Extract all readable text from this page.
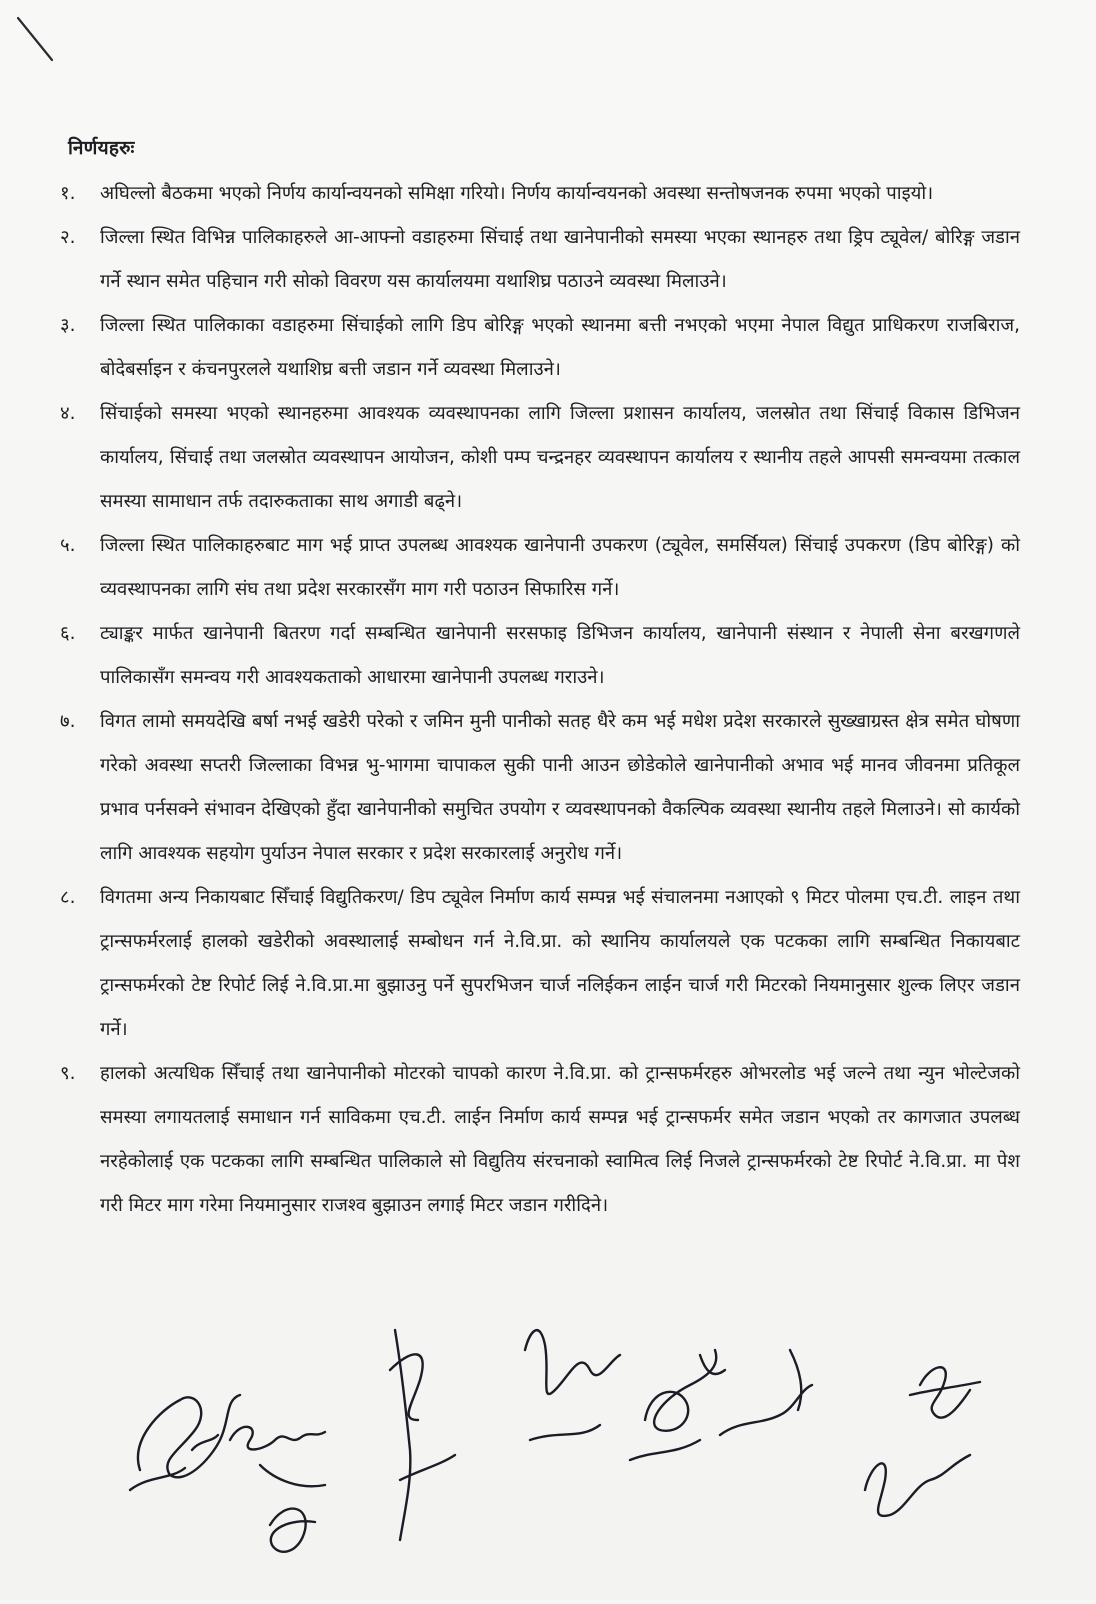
निर्णयहरुः
१.	अघिल्लो बैठकमा भएको निर्णय कार्यान्वयनको समिक्षा गरियो। निर्णय कार्यान्वयनको अवस्था सन्तोषजनक रुपमा भएको पाइयो।
२.	जिल्ला स्थित विभिन्न पालिकाहरुले आ-आफ्नो वडाहरुमा सिंचाई तथा खानेपानीको समस्या भएका स्थानहरु तथा ड्रिप ट्यूवेल/ बोरिङ्ग जडान गर्ने स्थान समेत पहिचान गरी सोको विवरण यस कार्यालयमा यथाशिघ्र पठाउने व्यवस्था मिलाउने।
३.	जिल्ला स्थित पालिकाका वडाहरुमा सिंचाईको लागि डिप बोरिङ्ग भएको स्थानमा बत्ती नभएको भएमा नेपाल विद्युत प्राधिकरण राजबिराज, बोदेबर्साइन र कंचनपुरलले यथाशिघ्र बत्ती जडान गर्ने व्यवस्था मिलाउने।
४.	सिंचाईको समस्या भएको स्थानहरुमा आवश्यक व्यवस्थापनका लागि जिल्ला प्रशासन कार्यालय, जलस्रोत तथा सिंचाई विकास डिभिजन कार्यालय, सिंचाई तथा जलस्रोत व्यवस्थापन आयोजन, कोशी पम्प चन्द्रनहर व्यवस्थापन कार्यालय र स्थानीय तहले आपसी समन्वयमा तत्काल समस्या सामाधान तर्फ तदारुकताका साथ अगाडी बढ्ने।
५.	जिल्ला स्थित पालिकाहरुबाट माग भई प्राप्त उपलब्ध आवश्यक खानेपानी उपकरण (ट्यूवेल, समर्सियल) सिंचाई उपकरण (डिप बोरिङ्ग) को व्यवस्थापनका लागि संघ तथा प्रदेश सरकारसँग माग गरी पठाउन सिफारिस गर्ने।
६.	ट्याङ्कर मार्फत खानेपानी बितरण गर्दा सम्बन्धित खानेपानी सरसफाइ डिभिजन कार्यालय, खानेपानी संस्थान र नेपाली सेना बरखगणले पालिकासँग समन्वय गरी आवश्यकताको आधारमा खानेपानी उपलब्ध गराउने।
७.	विगत लामो समयदेखि बर्षा नभई खडेरी परेको र जमिन मुनी पानीको सतह धैरे कम भई मधेश प्रदेश सरकारले सुख्खाग्रस्त क्षेत्र समेत घोषणा गरेको अवस्था सप्तरी जिल्लाका विभन्न भु-भागमा चापाकल सुकी पानी आउन छोडेकोले खानेपानीको अभाव भई मानव जीवनमा प्रतिकूल प्रभाव पर्नसक्ने संभावन देखिएको हुँदा खानेपानीको समुचित उपयोग र व्यवस्थापनको वैकल्पिक व्यवस्था स्थानीय तहले मिलाउने। सो कार्यको लागि आवश्यक सहयोग पुर्याउन नेपाल सरकार र प्रदेश सरकारलाई अनुरोध गर्ने।
८.	विगतमा अन्य निकायबाट सिँचाई विद्युतिकरण/ डिप ट्यूवेल निर्माण कार्य सम्पन्न भई संचालनमा नआएको ९ मिटर पोलमा एच.टी. लाइन तथा ट्रान्सफर्मरलाई हालको खडेरीको अवस्थालाई सम्बोधन गर्न ने.वि.प्रा. को स्थानिय कार्यालयले एक पटकका लागि सम्बन्धित निकायबाट ट्रान्सफर्मरको टेष्ट रिपोर्ट लिई ने.वि.प्रा.मा बुझाउनु पर्ने सुपरभिजन चार्ज नलिईकन लाईन चार्ज गरी मिटरको नियमानुसार शुल्क लिएर जडान गर्ने।
९.	हालको अत्यधिक सिँचाई तथा खानेपानीको मोटरको चापको कारण ने.वि.प्रा. को ट्रान्सफर्मरहरु ओभरलोड भई जल्ने तथा न्युन भोल्टेजको समस्या लगायतलाई समाधान गर्न साविकमा एच.टी. लाईन निर्माण कार्य सम्पन्न भई ट्रान्सफर्मर समेत जडान भएको तर कागजात उपलब्ध नरहेकोलाई एक पटकका लागि सम्बन्धित पालिकाले सो विद्युतिय संरचनाको स्वामित्व लिई निजले ट्रान्सफर्मरको टेष्ट रिपोर्ट ने.वि.प्रा. मा पेश गरी मिटर माग गरेमा नियमानुसार राजश्व बुझाउन लगाई मिटर जडान गरीदिने।
